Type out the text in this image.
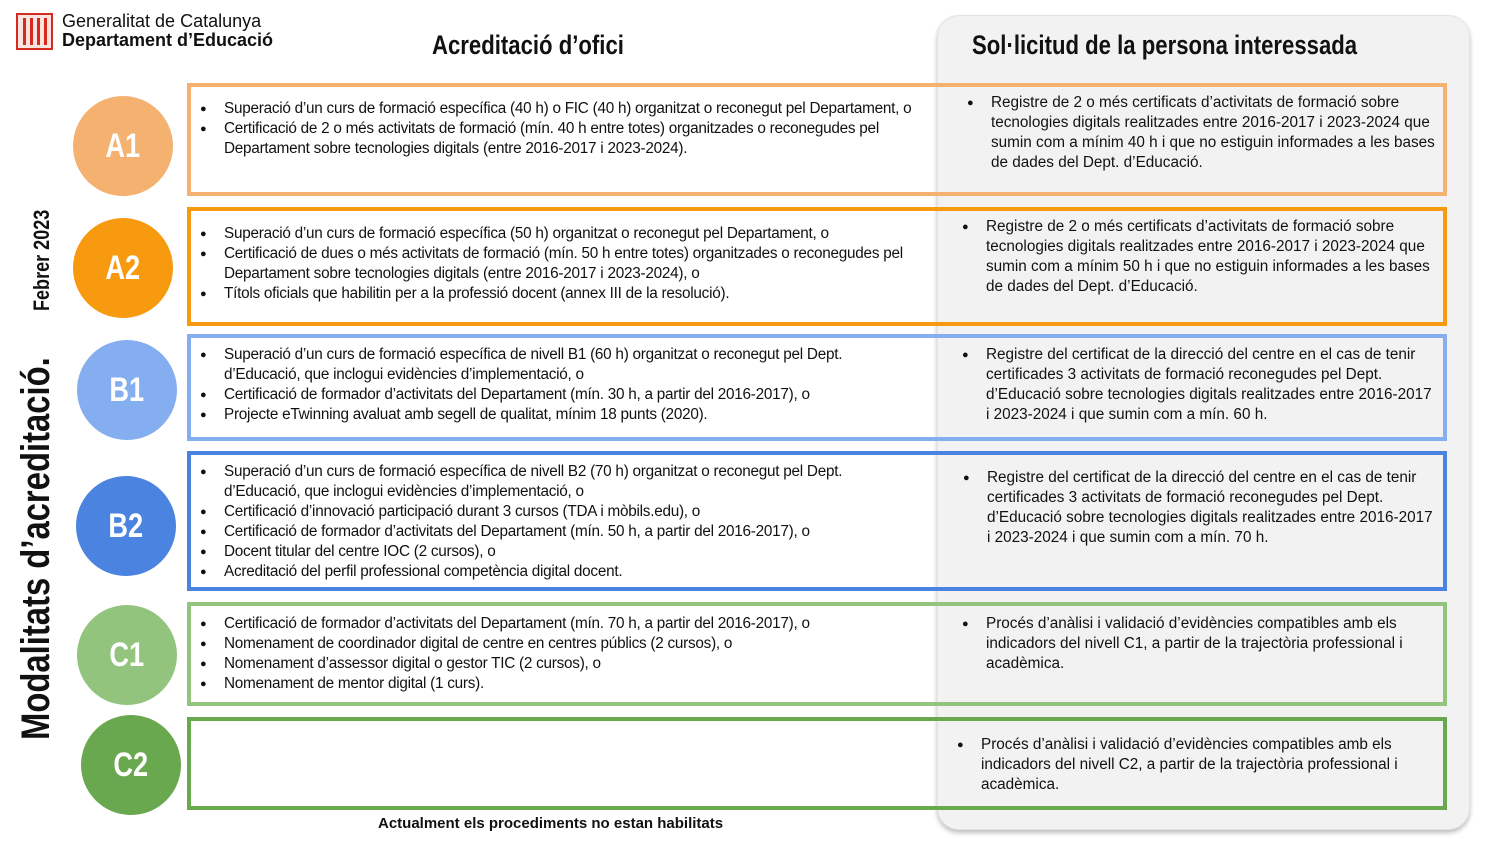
Generalitat de Catalunya
Departament d’Educació	Acreditació d’ofici	Sol·licitud de la persona interessada
Modalitats d’acreditació. Febrer 2023
A1
● Superació d’un curs de formació específica (40 h) o FIC (40 h) organitzat o reconegut pel Departament, o
● Certificació de 2 o més activitats de formació (mín. 40 h entre totes) organitzades o reconegudes pel Departament sobre tecnologies digitals (entre 2016-2017 i 2023-2024).
● Registre de 2 o més certificats d’activitats de formació sobre tecnologies digitals realitzades entre 2016-2017 i 2023-2024 que sumin com a mínim 40 h i que no estiguin informades a les bases de dades del Dept. d’Educació.
A2
● Superació d’un curs de formació específica (50 h) organitzat o reconegut pel Departament, o
● Certificació de dues o més activitats de formació (mín. 50 h entre totes) organitzades o reconegudes pel Departament sobre tecnologies digitals (entre 2016-2017 i 2023-2024), o
● Títols oficials que habilitin per a la professió docent (annex III de la resolució).
● Registre de 2 o més certificats d’activitats de formació sobre tecnologies digitals realitzades entre 2016-2017 i 2023-2024 que sumin com a mínim 50 h i que no estiguin informades a les bases de dades del Dept. d’Educació.
B1
● Superació d’un curs de formació específica de nivell B1 (60 h) organitzat o reconegut pel Dept. d’Educació, que inclogui evidències d’implementació, o
● Certificació de formador d’activitats del Departament (mín. 30 h, a partir del 2016-2017), o
● Projecte eTwinning avaluat amb segell de qualitat, mínim 18 punts (2020).
● Registre del certificat de la direcció del centre en el cas de tenir certificades 3 activitats de formació reconegudes pel Dept. d’Educació sobre tecnologies digitals realitzades entre 2016-2017 i 2023-2024 i que sumin com a mín. 60 h.
B2
● Superació d’un curs de formació específica de nivell B2 (70 h) organitzat o reconegut pel Dept. d’Educació, que inclogui evidències d’implementació, o
● Certificació d’innovació participació durant 3 cursos (TDA i mòbils.edu), o
● Certificació de formador d’activitats del Departament (mín. 50 h, a partir del 2016-2017), o
● Docent titular del centre IOC (2 cursos), o
● Acreditació del perfil professional competència digital docent.
● Registre del certificat de la direcció del centre en el cas de tenir certificades 3 activitats de formació reconegudes pel Dept. d’Educació sobre tecnologies digitals realitzades entre 2016-2017 i 2023-2024 i que sumin com a mín. 70 h.
C1
● Certificació de formador d’activitats del Departament (mín. 70 h, a partir del 2016-2017), o
● Nomenament de coordinador digital de centre en centres públics (2 cursos), o
● Nomenament d’assessor digital o gestor TIC (2 cursos), o
● Nomenament de mentor digital (1 curs).
● Procés d’anàlisi i validació d’evidències compatibles amb els indicadors del nivell C1, a partir de la trajectòria professional i acadèmica.
C2
● Procés d’anàlisi i validació d’evidències compatibles amb els indicadors del nivell C2, a partir de la trajectòria professional i acadèmica.
Actualment els procediments no estan habilitats
